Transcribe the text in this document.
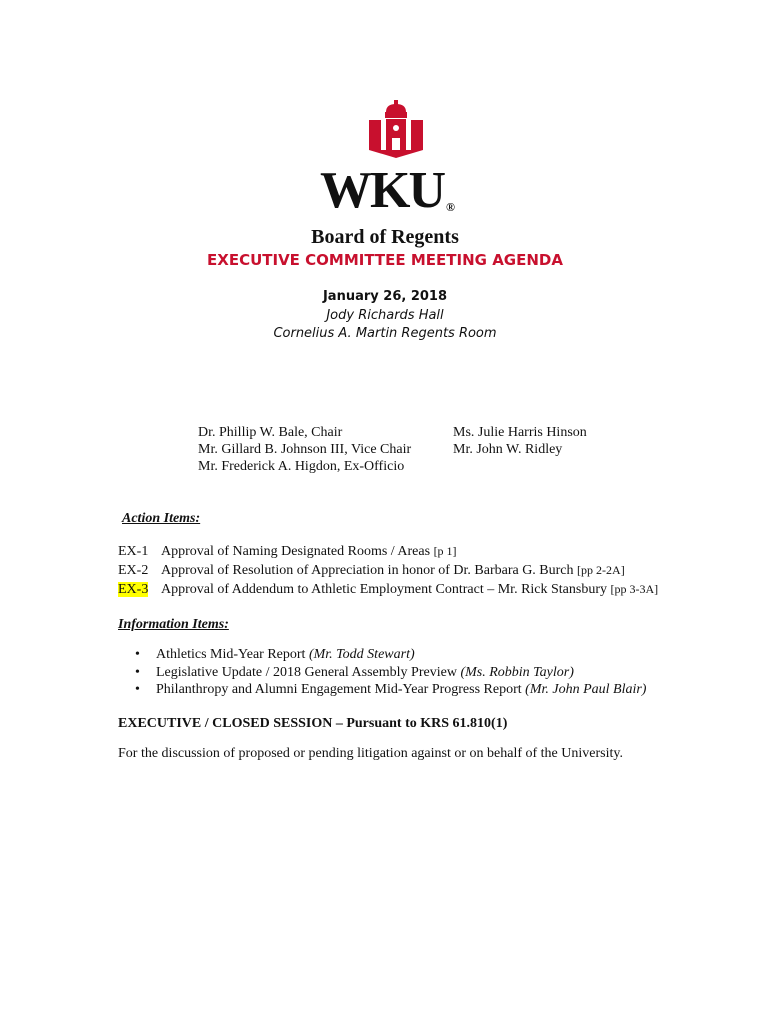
WKU ®
Board of Regents
EXECUTIVE COMMITTEE MEETING AGENDA
January 26, 2018
Jody Richards Hall
Cornelius A. Martin Regents Room
Dr. Phillip W. Bale, Chair
Mr. Gillard B. Johnson III, Vice Chair
Mr. Frederick A. Higdon, Ex-Officio
Ms. Julie Harris Hinson
Mr. John W. Ridley
Action Items:
EX-1 Approval of Naming Designated Rooms / Areas [p 1]
EX-2 Approval of Resolution of Appreciation in honor of Dr. Barbara G. Burch [pp 2-2A]
EX-3 Approval of Addendum to Athletic Employment Contract – Mr. Rick Stansbury [pp 3-3A]
Information Items:
• Athletics Mid-Year Report (Mr. Todd Stewart)
• Legislative Update / 2018 General Assembly Preview (Ms. Robbin Taylor)
• Philanthropy and Alumni Engagement Mid-Year Progress Report (Mr. John Paul Blair)
EXECUTIVE / CLOSED SESSION – Pursuant to KRS 61.810(1)
For the discussion of proposed or pending litigation against or on behalf of the University.
